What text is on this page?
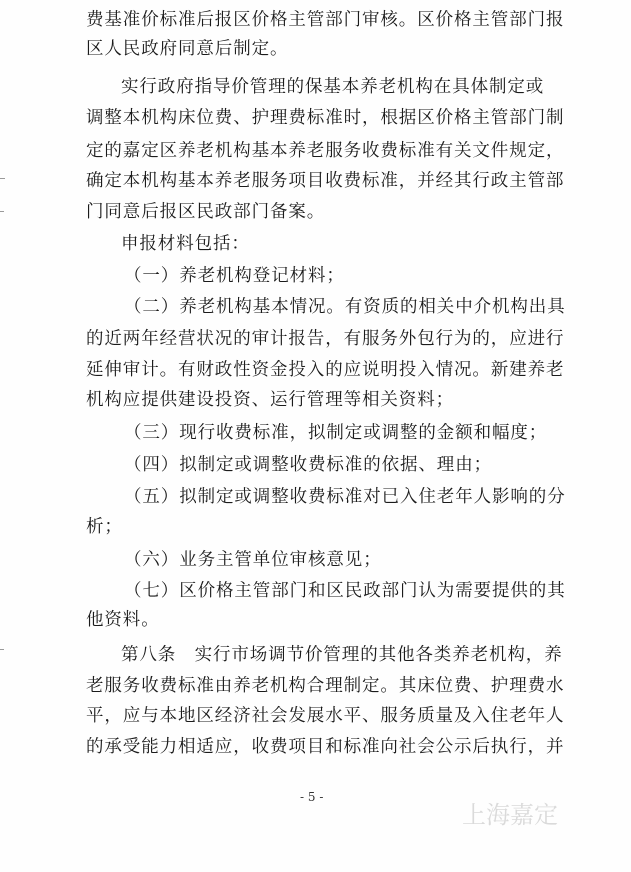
费基准价标准后报区价格主管部门审核。区价格主管部门报
区人民政府同意后制定。
实行政府指导价管理的保基本养老机构在具体制定或
调整本机构床位费、护理费标准时，根据区价格主管部门制
定的嘉定区养老机构基本养老服务收费标准有关文件规定，
确定本机构基本养老服务项目收费标准，并经其行政主管部
门同意后报区民政部门备案。
申报材料包括：
（一）养老机构登记材料；
（二）养老机构基本情况。有资质的相关中介机构出具
的近两年经营状况的审计报告，有服务外包行为的，应进行
延伸审计。有财政性资金投入的应说明投入情况。新建养老
机构应提供建设投资、运行管理等相关资料；
（三）现行收费标准，拟制定或调整的金额和幅度；
（四）拟制定或调整收费标准的依据、理由；
（五）拟制定或调整收费标准对已入住老年人影响的分
析；
（六）业务主管单位审核意见；
（七）区价格主管部门和区民政部门认为需要提供的其
他资料。
第八条　实行市场调节价管理的其他各类养老机构，养
老服务收费标准由养老机构合理制定。其床位费、护理费水
平，应与本地区经济社会发展水平、服务质量及入住老年人
的承受能力相适应，收费项目和标准向社会公示后执行，并
- 5 -
上海嘉定
